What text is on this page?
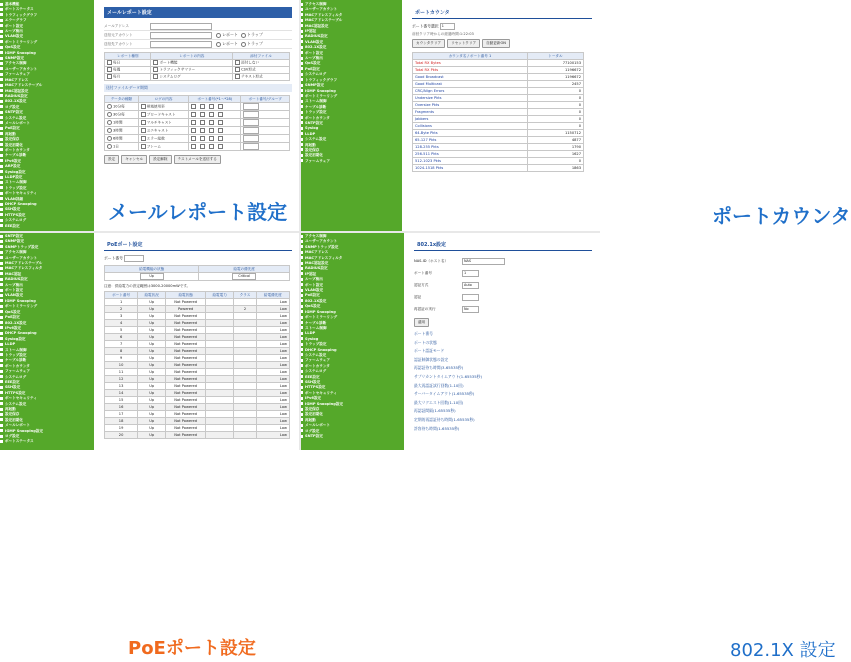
基本機能
ポートステータス
トラフィックグラフ
エラーグラフ
ポート設定
ループ検出
VLAN設定
ポートミラーリング
QoS設定
IGMP Snooping
SNMP設定
アクセス制御
ユーザーアカウント
ファームウェア
MACアドレス
MACアドレステーブル
MAC認証設定
RADIUS設定
802.1X設定
ログ設定
SNTP設定
システム設定
メールレポート
PoE設定
再起動
設定保存
設定初期化
ポートカウンタ
ケーブル診断
IPv6設定
ARP設定
Syslog設定
LLDP設定
ストーム制御
トラップ設定
ポートセキュリティ
VLAN詳細
DHCP Snooping
SSH設定
HTTPS設定
システムログ
EEE設定
メールレポート設定
メールアドレス
送信元アカウント	レポート トラップ
送信先アカウント	レポート トラップ
レポート種別	レポートの内容	添付ファイル
毎日	ポート機能	添付しない
毎週	トラフィックサマリー	CSV形式
毎月	システムログ	テキスト形式
送付ファイルデータ期間
データの種類	ログの内容	ポート番号(*1～*28)	ポート番号/グループ
10分毎	帯域使用率		
30分毎	ブロードキャスト		
1時間	マルチキャスト		
3時間	ユニキャスト		
6時間	エラー総数		
1日	フレーム		
設定	キャンセル	設定解除	テストメールを送信する
メールレポート設定
アクセス制御
ユーザーアカウント
MACアドレスフィルタ
MACアドレステーブル
MAC認証設定
IP認証
RADIUS設定
VLAN設定
802.1X設定
ポート設定
ループ検出
QoS設定
PoE設定
システムログ
トラフィックグラフ
SNMP設定
IGMP Snooping
ポートミラーリング
ストーム制御
ケーブル診断
トラップ設定
ポートカウンタ
SNTP設定
Syslog
LLDP
システム設定
再起動
設定保存
設定初期化
ファームウェア
ポートカウンタ
ポート番号選択 1
前回クリア時からの経過時間:1:22:03
カウンタクリア	リセットクリア	自動更新ON
カウンタ名 / ポート番号 1	トータル
Total RX Bytes	77100153
Total RX Pkts	1196672
Good Broadcast	1196672
Good Multicast	2457
CRC/Align Errors	0
Undersize Pkts	0
Oversize Pkts	0
Fragments	0
Jabbers	0
Collisions	0
64-Byte Pkts	1150712
65-127 Pkts	4877
128-255 Pkts	1790
256-511 Pkts	1627
512-1023 Pkts	0
1024-1518 Pkts	1863
ポートカウンタ
SNTP設定
SNMP設定
SNMPトラップ設定
アクセス制御
ユーザーアカウント
MACアドレステーブル
MACアドレスフィルタ
MAC認証
RADIUS設定
ループ検出
ポート設定
VLAN設定
IGMP Snooping
ポートミラーリング
QoS設定
PoE設定
802.1X設定
IPv6設定
DHCP Snooping
Syslog設定
LLDP
ストーム制御
トラップ設定
ケーブル診断
ポートカウンタ
ファームウェア
システムログ
EEE設定
SSH設定
HTTPS設定
ポートセキュリティ
システム設定
再起動
設定保存
設定初期化
メールレポート
IGMP Snooping設定
ログ設定
ポートステータス
PoEポート設定
ポート番号
給電機能の状態	給電の優先度
Up	Critical
注意：供給電力の設定範囲は3000-20000mWです。
ポート番号	給電状況	給電状態	給電電力	クラス	給電優先度
1	Up	Not Powered			Low
2	Up	Powered		2	Low
3	Up	Not Powered			Low
4	Up	Not Powered			Low
5	Up	Not Powered			Low
6	Up	Not Powered			Low
7	Up	Not Powered			Low
8	Up	Not Powered			Low
9	Up	Not Powered			Low
10	Up	Not Powered			Low
11	Up	Not Powered			Low
12	Up	Not Powered			Low
13	Up	Not Powered			Low
14	Up	Not Powered			Low
15	Up	Not Powered			Low
16	Up	Not Powered			Low
17	Up	Not Powered			Low
18	Up	Not Powered			Low
19	Up	Not Powered			Low
20	Up	Not Powered			Low
PoEポート設定
アクセス制御
ユーザーアカウント
SNMPトラップ設定
MACアドレス
MACアドレスフィルタ
MAC認証設定
RADIUS設定
IP認証
ループ検出
ポート設定
VLAN設定
PoE設定
802.1X設定
QoS設定
IGMP Snooping
ポートミラーリング
ケーブル診断
ストーム制御
LLDP
Syslog
トラップ設定
DHCP Snooping
システム設定
ファームウェア
ポートカウンタ
システムログ
EEE設定
SSH設定
HTTPS設定
ポートセキュリティ
IPv6設定
IGMP Snooping設定
設定保存
設定初期化
再起動
メールレポート
ログ設定
SNTP設定
802.1x設定
NAS-ID（ホスト名）	NAS
ポート番号	1
認証方式	Auto
認証
再認証の実行	No
適用
ポート番号
ポートの状態
ポート認証モード
認証制御状態の設定
再認証待ち時間(3-65535秒)
サプリカントタイムアウト(1-65535秒)
最大再認証試行回数(1-10回)
サーバータイムアウト(1-65535秒)
最大リクエスト回数(1-10回)
再認証間隔(1-65535秒)
定期的再認証待ち時間(1-65535秒)
許容待ち時間(1-65535秒)
802.1X 設定
